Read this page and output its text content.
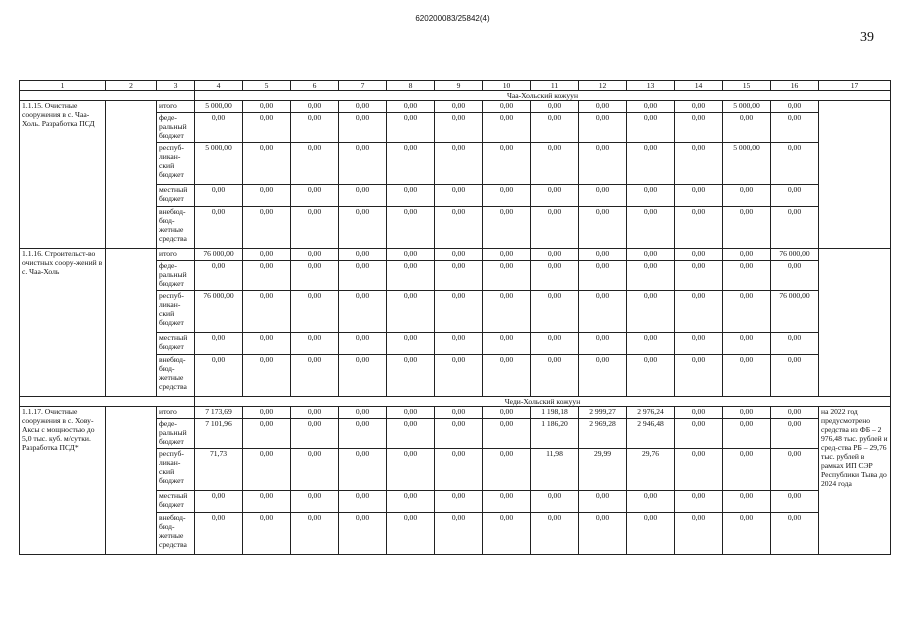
620200083/25842(4)
39
1	2	3	4	5	6	7	8	9	10	11	12	13	14	15	16	17
			Чаа-Хольский кожуун													
1.1.15. Очистные сооружения в с. Чаа-Холь. Разработка ПСД		итого	5 000,00	0,00	0,00	0,00	0,00	0,00	0,00	0,00	0,00	0,00	0,00	5 000,00	0,00	
		феде-ральный бюджет	0,00	0,00	0,00	0,00	0,00	0,00	0,00	0,00	0,00	0,00	0,00	0,00	0,00	
		респуб-ликан-ский бюджет	5 000,00	0,00	0,00	0,00	0,00	0,00	0,00	0,00	0,00	0,00	0,00	5 000,00	0,00	
		местный бюджет	0,00	0,00	0,00	0,00	0,00	0,00	0,00	0,00	0,00	0,00	0,00	0,00	0,00	
		внебюд-бюд-жетные средства	0,00	0,00	0,00	0,00	0,00	0,00	0,00	0,00	0,00	0,00	0,00	0,00	0,00	
1.1.16. Строительст-во очистных соору-жений в с. Чаа-Холь		итого	76 000,00	0,00	0,00	0,00	0,00	0,00	0,00	0,00	0,00	0,00	0,00	0,00	76 000,00	
		феде-ральный бюджет	0,00	0,00	0,00	0,00	0,00	0,00	0,00	0,00	0,00	0,00	0,00	0,00	0,00	
		респуб-ликан-ский бюджет	76 000,00	0,00	0,00	0,00	0,00	0,00	0,00	0,00	0,00	0,00	0,00	0,00	76 000,00	
		местный бюджет	0,00	0,00	0,00	0,00	0,00	0,00	0,00	0,00	0,00	0,00	0,00	0,00	0,00	
		внебюд-бюд-жетные средства	0,00	0,00	0,00	0,00	0,00	0,00	0,00	0,00	0,00	0,00	0,00	0,00	0,00	
			Чеди-Хольский кожуун													
1.1.17. Очистные сооружения в с. Хову-Аксы с мощностью до 5,0 тыс. куб. м/сутки. Разработка ПСД*		итого	7 173,69	0,00	0,00	0,00	0,00	0,00	0,00	1 198,18	2 999,27	2 976,24	0,00	0,00	0,00	на 2022 год предусмотрено средства из ФБ – 2 976,48 тыс. рублей и сред-ства РБ – 29,76 тыс. рублей в рамках ИП СЭР Республики Тыва до 2024 года
		феде-ральный бюджет	7 101,96	0,00	0,00	0,00	0,00	0,00	0,00	1 186,20	2 969,28	2 946,48	0,00	0,00	0,00	
		респуб-ликан-ский бюджет	71,73	0,00	0,00	0,00	0,00	0,00	0,00	11,98	29,99	29,76	0,00	0,00	0,00	
		местный бюджет	0,00	0,00	0,00	0,00	0,00	0,00	0,00	0,00	0,00	0,00	0,00	0,00	0,00	
		внебюд-бюд-жетные средства	0,00	0,00	0,00	0,00	0,00	0,00	0,00	0,00	0,00	0,00	0,00	0,00	0,00	
